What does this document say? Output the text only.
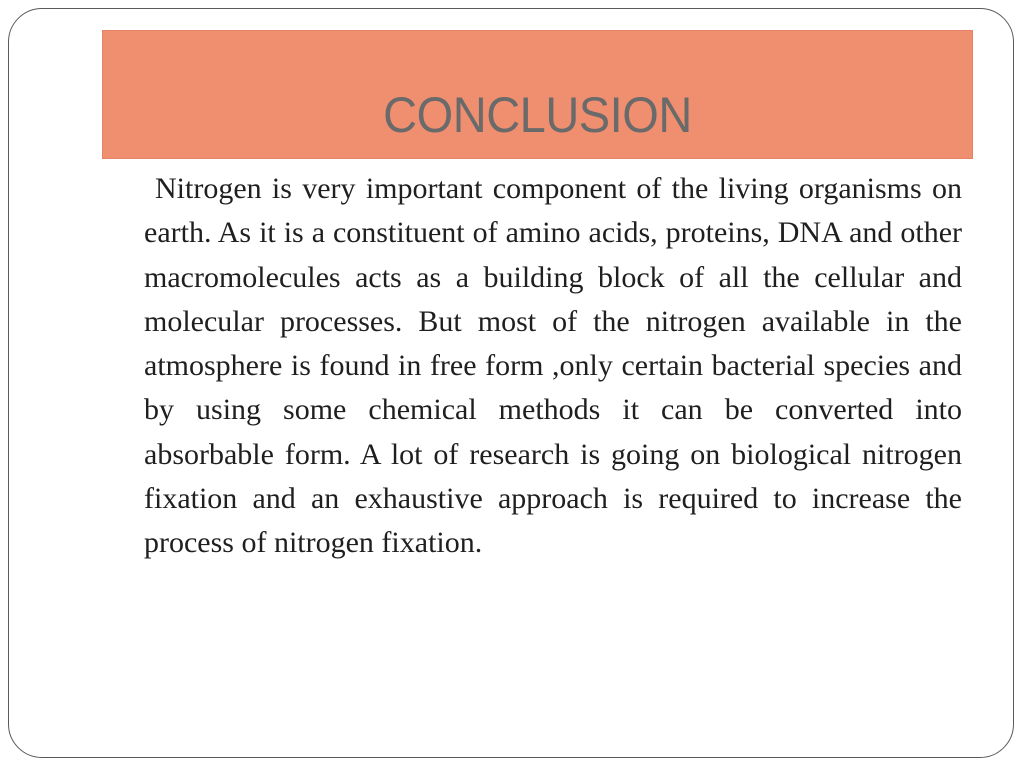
CONCLUSION
Nitrogen is very important component of the living organisms on earth. As it is a constituent of amino acids, proteins, DNA and other macromolecules acts as a building block of all the cellular and molecular processes. But most of the nitrogen available in the atmosphere is found in free form ,only certain bacterial species and by using some chemical methods it can be converted into absorbable form. A lot of research is going on biological nitrogen fixation and an exhaustive approach is required to increase the process of nitrogen fixation.
